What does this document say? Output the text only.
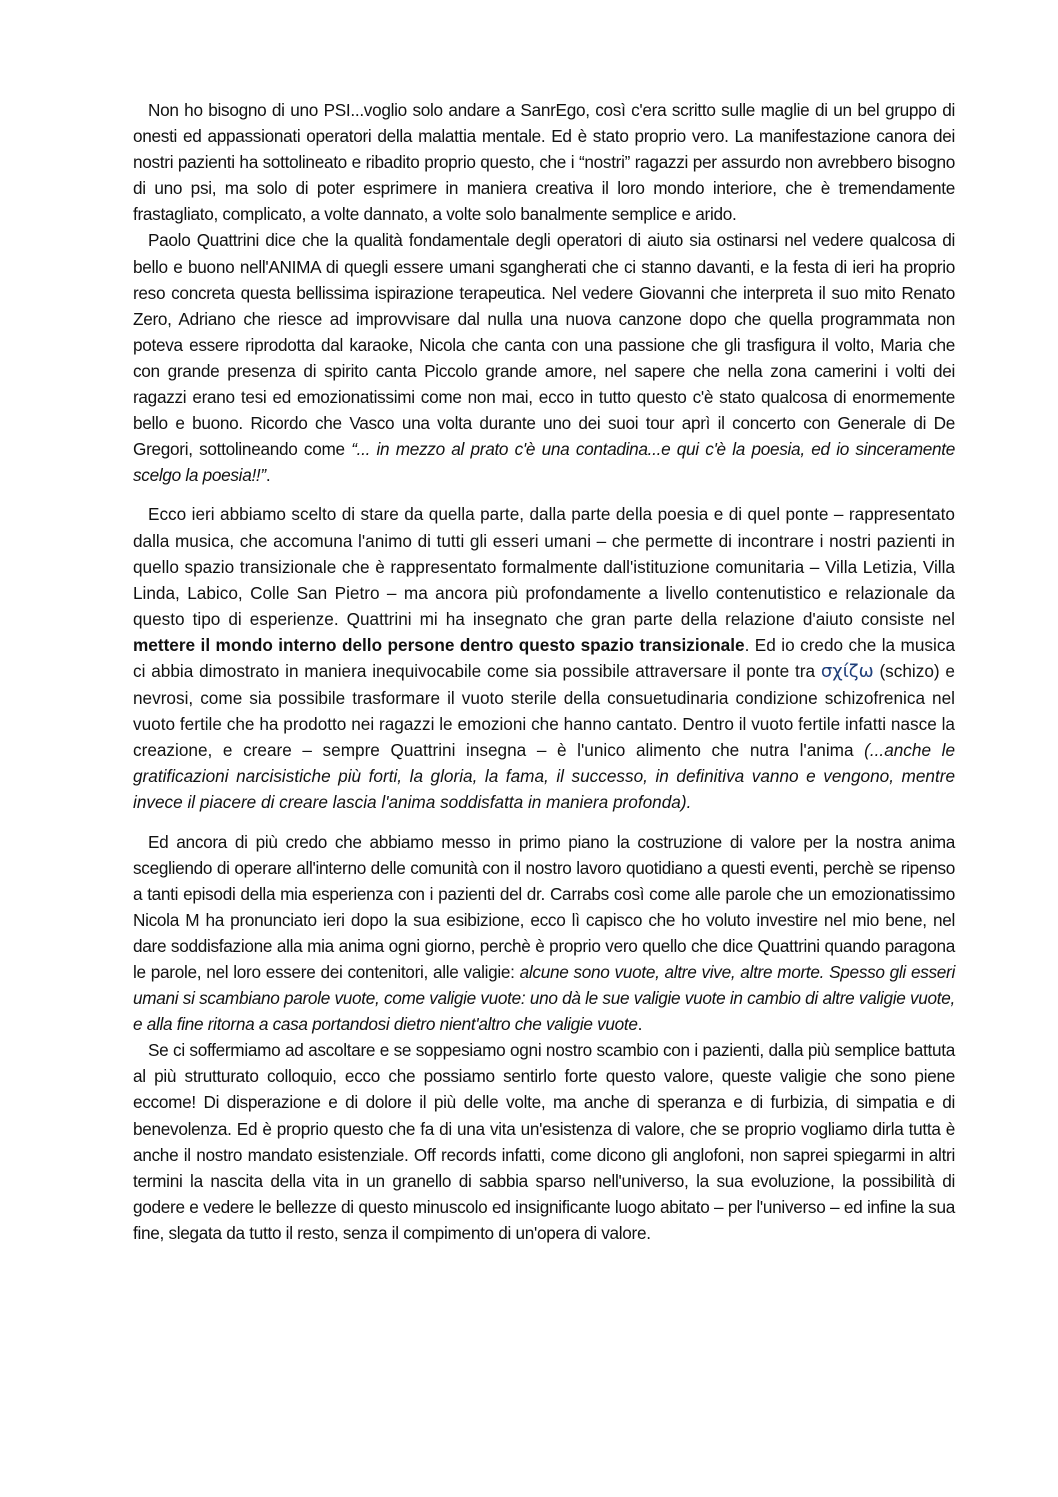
Non ho bisogno di uno PSI...voglio solo andare a SanrEgo, così c'era scritto sulle maglie di un bel gruppo di onesti ed appassionati operatori della malattia mentale. Ed è stato proprio vero. La manifestazione canora dei nostri pazienti ha sottolineato e ribadito proprio questo, che i “nostri” ragazzi per assurdo non avrebbero bisogno di uno psi, ma solo di poter esprimere in maniera creativa il loro mondo interiore, che è tremendamente frastagliato, complicato, a volte dannato, a volte solo banalmente semplice e arido.

Paolo Quattrini dice che la qualità fondamentale degli operatori di aiuto sia ostinarsi nel vedere qualcosa di bello e buono nell'ANIMA di quegli essere umani sgangherati che ci stanno davanti, e la festa di ieri ha proprio reso concreta questa bellissima ispirazione terapeutica. Nel vedere Giovanni che interpreta il suo mito Renato Zero, Adriano che riesce ad improvvisare dal nulla una nuova canzone dopo che quella programmata non poteva essere riprodotta dal karaoke, Nicola che canta con una passione che gli trasfigura il volto, Maria che con grande presenza di spirito canta Piccolo grande amore, nel sapere che nella zona camerini i volti dei ragazzi erano tesi ed emozionatissimi come non mai, ecco in tutto questo c'è stato qualcosa di enormemente bello e buono. Ricordo che Vasco una volta durante uno dei suoi tour aprì il concerto con Generale di De Gregori, sottolineando come “... in mezzo al prato c'è una contadina...e qui c'è la poesia, ed io sinceramente scelgo la poesia!!”.

Ecco ieri abbiamo scelto di stare da quella parte, dalla parte della poesia e di quel ponte – rappresentato dalla musica, che accomuna l'animo di tutti gli esseri umani – che permette di incontrare i nostri pazienti in quello spazio transizionale che è rappresentato formalmente dall'istituzione comunitaria – Villa Letizia, Villa Linda, Labico, Colle San Pietro – ma ancora più profondamente a livello contenutistico e relazionale da questo tipo di esperienze. Quattrini mi ha insegnato che gran parte della relazione d'aiuto consiste nel mettere il mondo interno dello persone dentro questo spazio transizionale. Ed io credo che la musica ci abbia dimostrato in maniera inequivocabile come sia possibile attraversare il ponte tra σχίζω (schizo) e nevrosi, come sia possibile trasformare il vuoto sterile della consuetudinaria condizione schizofrenica nel vuoto fertile che ha prodotto nei ragazzi le emozioni che hanno cantato. Dentro il vuoto fertile infatti nasce la creazione, e creare – sempre Quattrini insegna – è l'unico alimento che nutra l'anima (...anche le gratificazioni narcisistiche più forti, la gloria, la fama, il successo, in definitiva vanno e vengono, mentre invece il piacere di creare lascia l'anima soddisfatta in maniera profonda).

Ed ancora di più credo che abbiamo messo in primo piano la costruzione di valore per la nostra anima scegliendo di operare all'interno delle comunità con il nostro lavoro quotidiano a questi eventi, perchè se ripenso a tanti episodi della mia esperienza con i pazienti del dr. Carrabs così come alle parole che un emozionatissimo Nicola M ha pronunciato ieri dopo la sua esibizione, ecco lì capisco che ho voluto investire nel mio bene, nel dare soddisfazione alla mia anima ogni giorno, perchè è proprio vero quello che dice Quattrini quando paragona le parole, nel loro essere dei contenitori, alle valigie: alcune sono vuote, altre vive, altre morte. Spesso gli esseri umani si scambiano parole vuote, come valigie vuote: uno dà le sue valigie vuote in cambio di altre valigie vuote, e alla fine ritorna a casa portandosi dietro nient'altro che valigie vuote.

Se ci soffermiamo ad ascoltare e se soppesiamo ogni nostro scambio con i pazienti, dalla più semplice battuta al più strutturato colloquio, ecco che possiamo sentirlo forte questo valore, queste valigie che sono piene eccome! Di disperazione e di dolore il più delle volte, ma anche di speranza e di furbizia, di simpatia e di benevolenza. Ed è proprio questo che fa di una vita un'esistenza di valore, che se proprio vogliamo dirla tutta è anche il nostro mandato esistenziale. Off records infatti, come dicono gli anglofoni, non saprei spiegarmi in altri termini la nascita della vita in un granello di sabbia sparso nell'universo, la sua evoluzione, la possibilità di godere e vedere le bellezze di questo minuscolo ed insignificante luogo abitato – per l'universo – ed infine la sua fine, slegata da tutto il resto, senza il compimento di un'opera di valore.
